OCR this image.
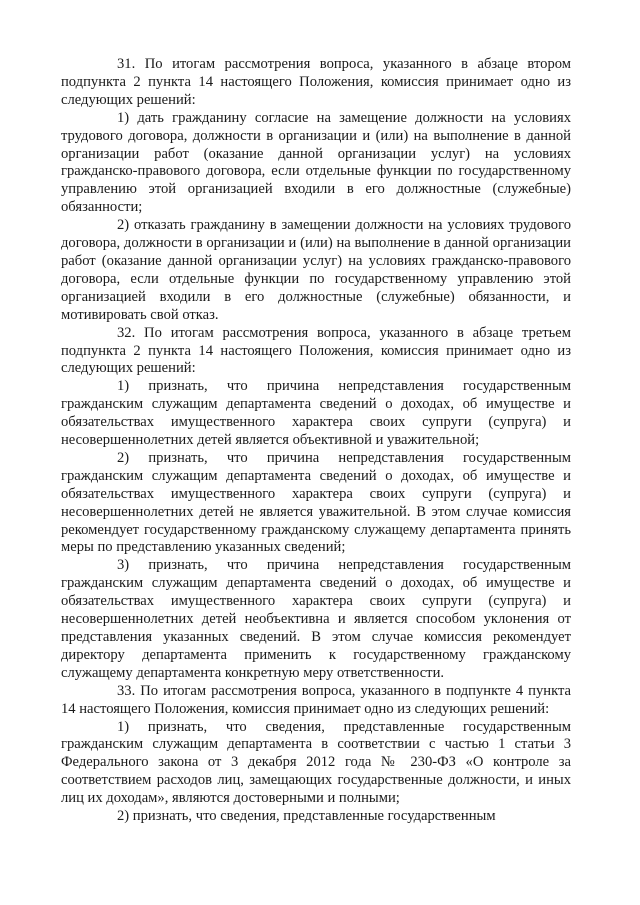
31. По итогам рассмотрения вопроса, указанного в абзаце втором подпункта 2 пункта 14 настоящего Положения, комиссия принимает одно из следующих решений:

1) дать гражданину согласие на замещение должности на условиях трудового договора, должности в организации и (или) на выполнение в данной организации работ (оказание данной организации услуг) на условиях гражданско-правового договора, если отдельные функции по государственному управлению этой организацией входили в его должностные (служебные) обязанности;

2) отказать гражданину в замещении должности на условиях трудового договора, должности в организации и (или) на выполнение в данной организации работ (оказание данной организации услуг) на условиях гражданско-правового договора, если отдельные функции по государственному управлению этой организацией входили в его должностные (служебные) обязанности, и мотивировать свой отказ.

32. По итогам рассмотрения вопроса, указанного в абзаце третьем подпункта 2 пункта 14 настоящего Положения, комиссия принимает одно из следующих решений:

1) признать, что причина непредставления государственным гражданским служащим департамента сведений о доходах, об имуществе и обязательствах имущественного характера своих супруги (супруга) и несовершеннолетних детей является объективной и уважительной;

2) признать, что причина непредставления государственным гражданским служащим департамента сведений о доходах, об имуществе и обязательствах имущественного характера своих супруги (супруга) и несовершеннолетних детей не является уважительной. В этом случае комиссия рекомендует государственному гражданскому служащему департамента принять меры по представлению указанных сведений;

3) признать, что причина непредставления государственным гражданским служащим департамента сведений о доходах, об имуществе и обязательствах имущественного характера своих супруги (супруга) и несовершеннолетних детей необъективна и является способом уклонения от представления указанных сведений. В этом случае комиссия рекомендует директору департамента применить к государственному гражданскому служащему департамента конкретную меру ответственности.

33. По итогам рассмотрения вопроса, указанного в подпункте 4 пункта 14 настоящего Положения, комиссия принимает одно из следующих решений:

1) признать, что сведения, представленные государственным гражданским служащим департамента в соответствии с частью 1 статьи 3 Федерального закона от 3 декабря 2012 года № 230-ФЗ «О контроле за соответствием расходов лиц, замещающих государственные должности, и иных лиц их доходам», являются достоверными и полными;

2) признать, что сведения, представленные государственным
